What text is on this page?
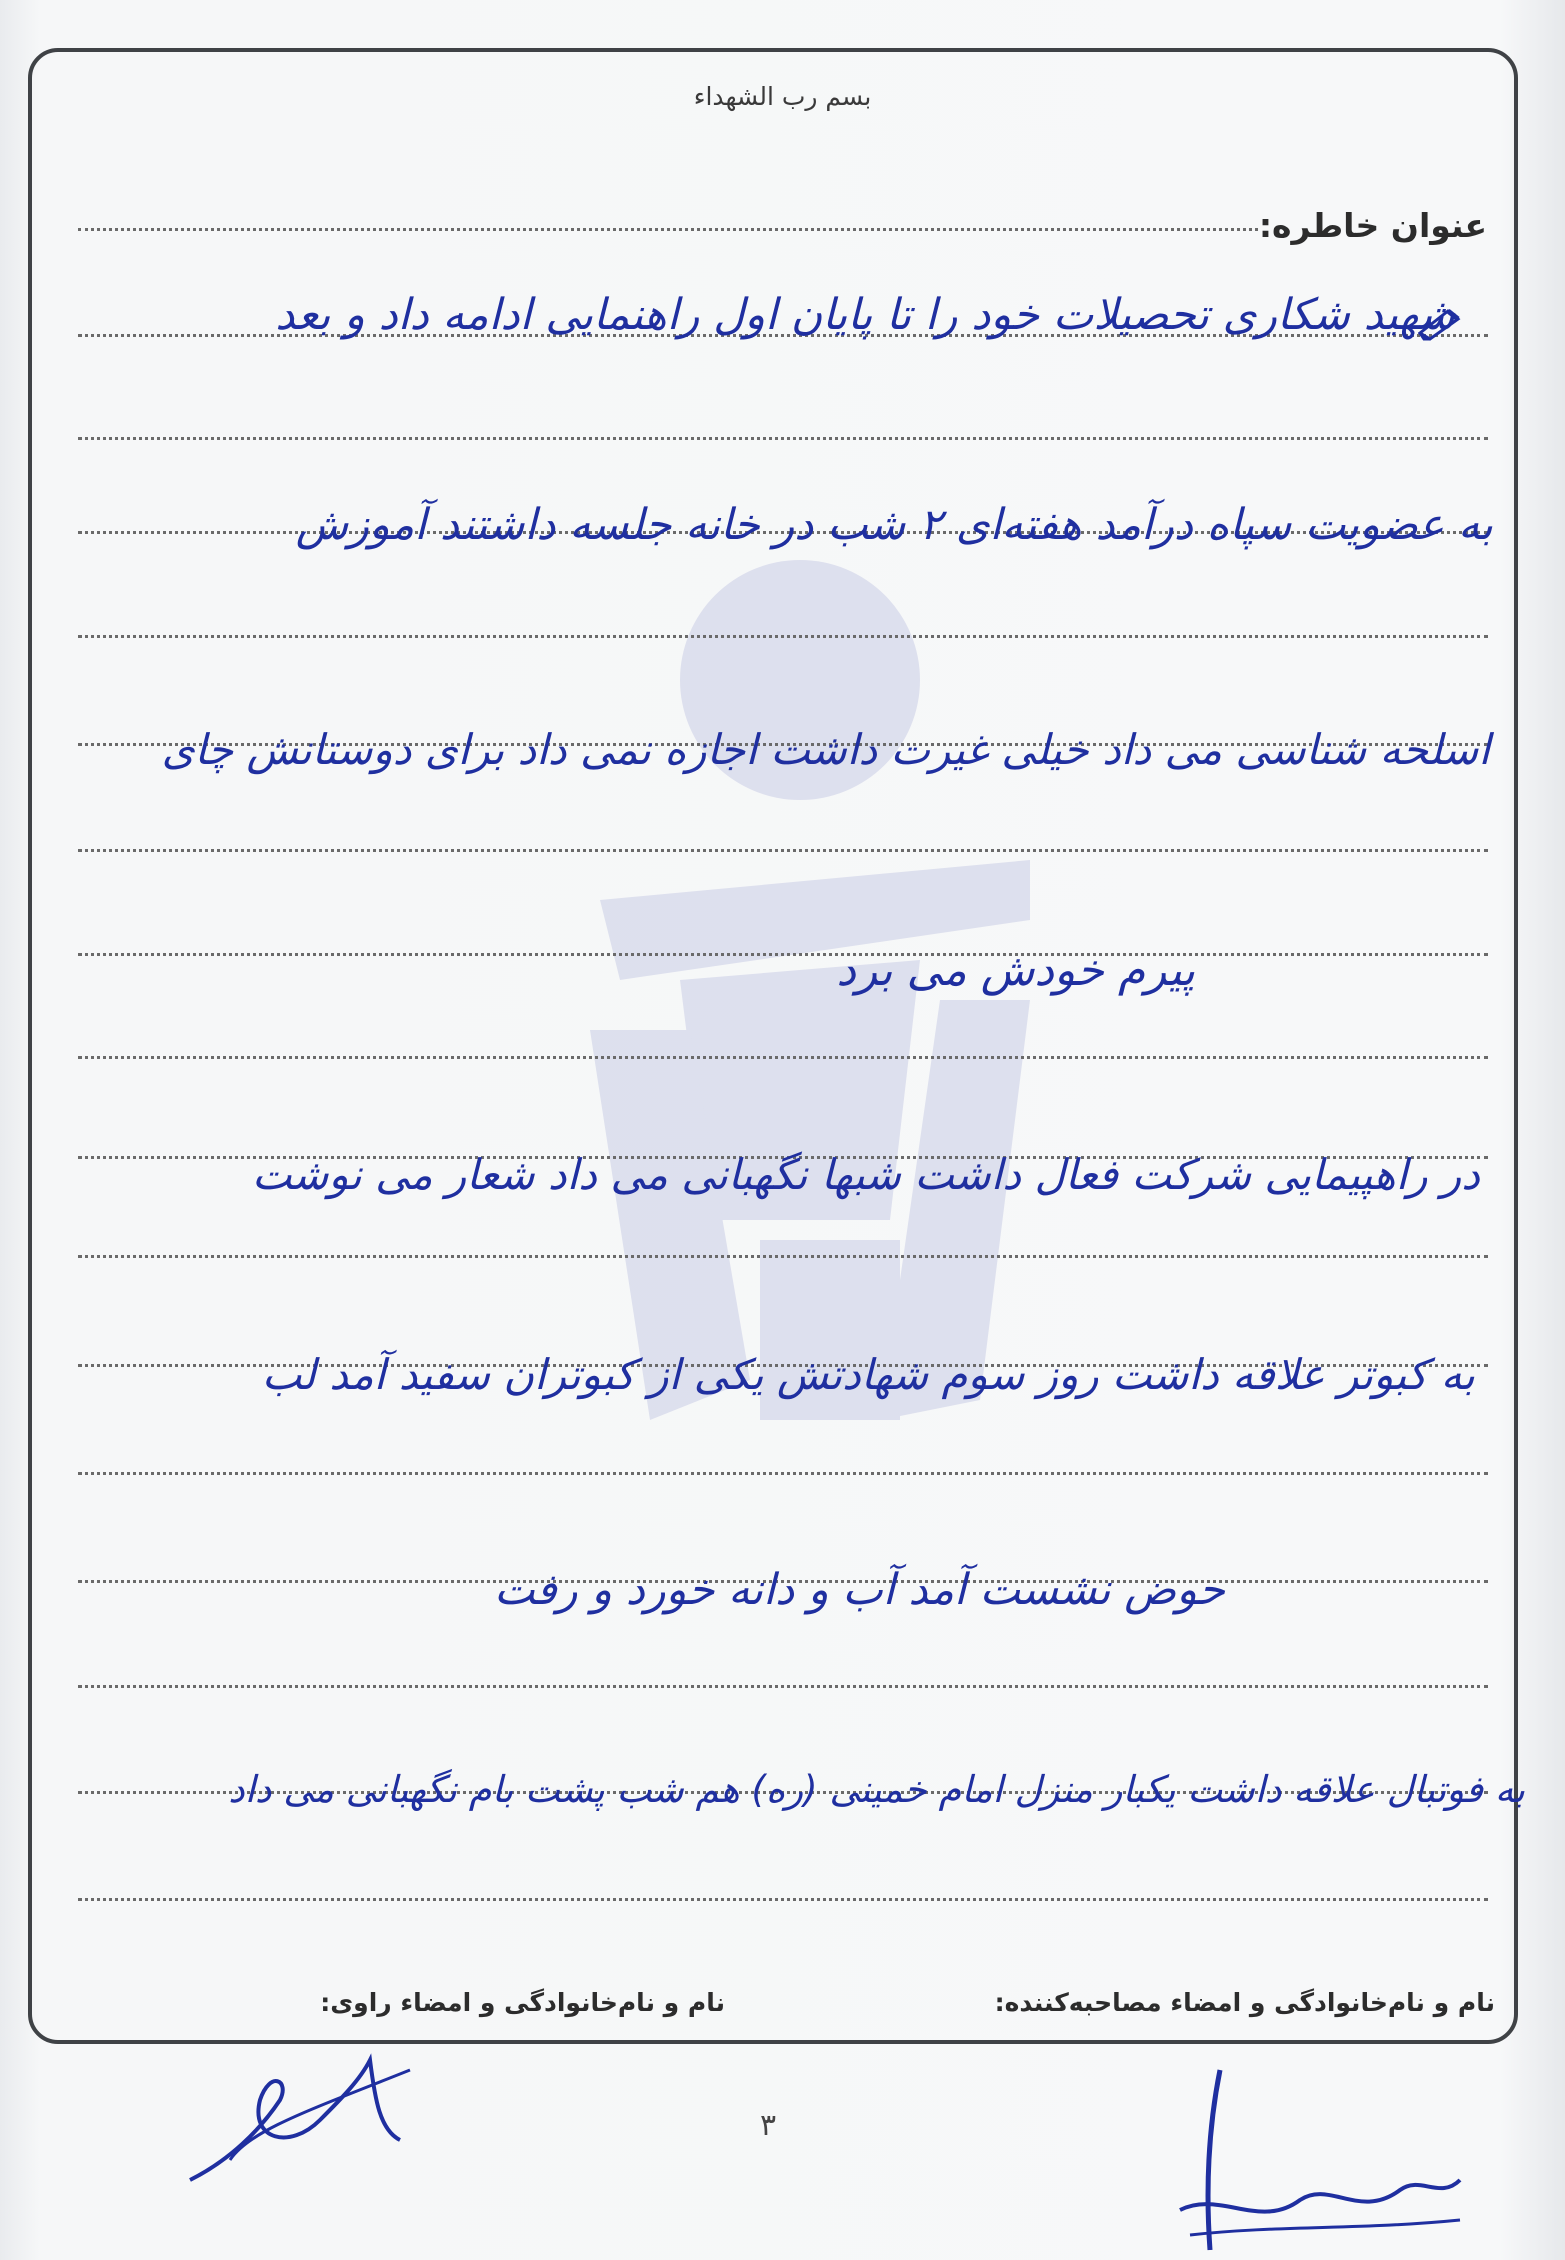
بسم رب الشهداء
عنوان خاطره:
شهید شکاری تحصیلات خود را تا پایان اول راهنمایی ادامه داد و بعد
به عضویت سپاه درآمد هفته‌ای ۲ شب در خانه جلسه داشتند آموزش
اسلحه شناسی می داد خیلی غیرت داشت اجازه نمی داد برای دوستانش چای
پیرم خودش می برد
در راهپیمایی شرکت فعال داشت شبها نگهبانی می داد شعار می نوشت
به کبوتر علاقه داشت روز سوم شهادتش یکی از کبوتران سفید آمد لب
حوض نشست آمد آب و دانه خورد و رفت
به فوتبال علاقه داشت یکبار منزل امام خمینی (ره) هم شب پشت بام نگهبانی می داد
نام و نام‌خانوادگی و امضاء مصاحبه‌کننده:
نام و نام‌خانوادگی و امضاء راوی:
۳
